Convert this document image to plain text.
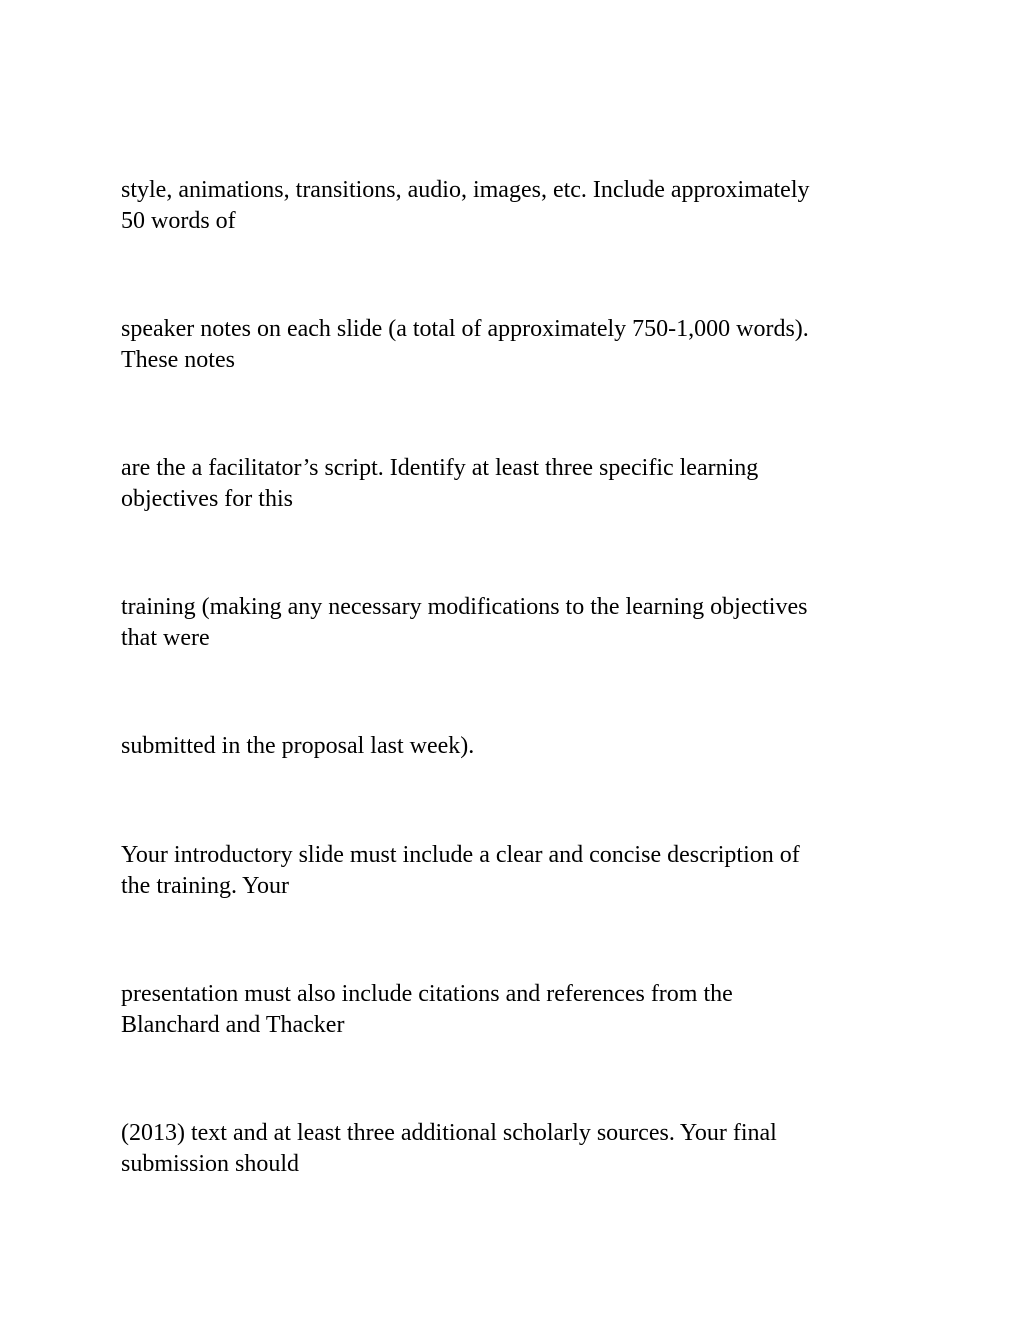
style, animations, transitions, audio, images, etc. Include approximately
50 words of

speaker notes on each slide (a total of approximately 750-1,000 words).
These notes

are the a facilitator’s script. Identify at least three specific learning
objectives for this

training (making any necessary modifications to the learning objectives
that were

submitted in the proposal last week).

Your introductory slide must include a clear and concise description of
the training. Your

presentation must also include citations and references from the
Blanchard and Thacker

(2013) text and at least three additional scholarly sources. Your final
submission should
